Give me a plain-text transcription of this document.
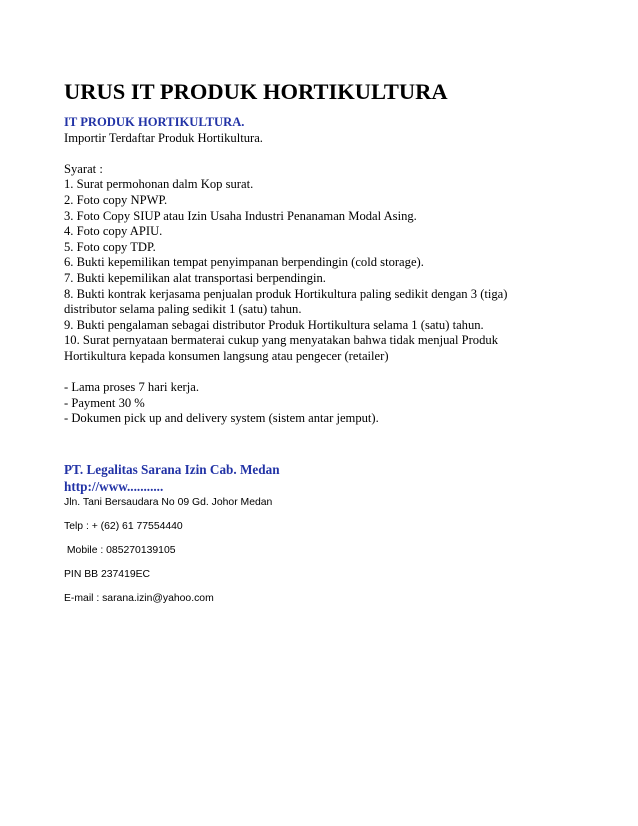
URUS IT PRODUK HORTIKULTURA
IT PRODUK HORTIKULTURA.
Importir Terdaftar Produk Hortikultura.
Syarat :
1. Surat permohonan dalm Kop surat.
2. Foto copy NPWP.
3. Foto Copy SIUP atau Izin Usaha Industri Penanaman Modal Asing.
4. Foto copy APIU.
5. Foto copy TDP.
6. Bukti kepemilikan tempat penyimpanan berpendingin (cold storage).
7. Bukti kepemilikan alat transportasi berpendingin.
8. Bukti kontrak kerjasama penjualan produk Hortikultura paling sedikit dengan 3 (tiga)
distributor selama paling sedikit 1 (satu) tahun.
9. Bukti pengalaman sebagai distributor Produk Hortikultura selama 1 (satu) tahun.
10. Surat pernyataan bermaterai cukup yang menyatakan bahwa tidak menjual Produk
Hortikultura kepada konsumen langsung atau pengecer (retailer)
- Lama proses 7 hari kerja.
- Payment 30 %
- Dokumen pick up and delivery system (sistem antar jemput).
PT. Legalitas Sarana Izin Cab. Medan
http://www...........
Jln. Tani Bersaudara No 09 Gd. Johor Medan
Telp : + (62) 61 77554440
Mobile : 085270139105
PIN BB 237419EC
E-mail : sarana.izin@yahoo.com
